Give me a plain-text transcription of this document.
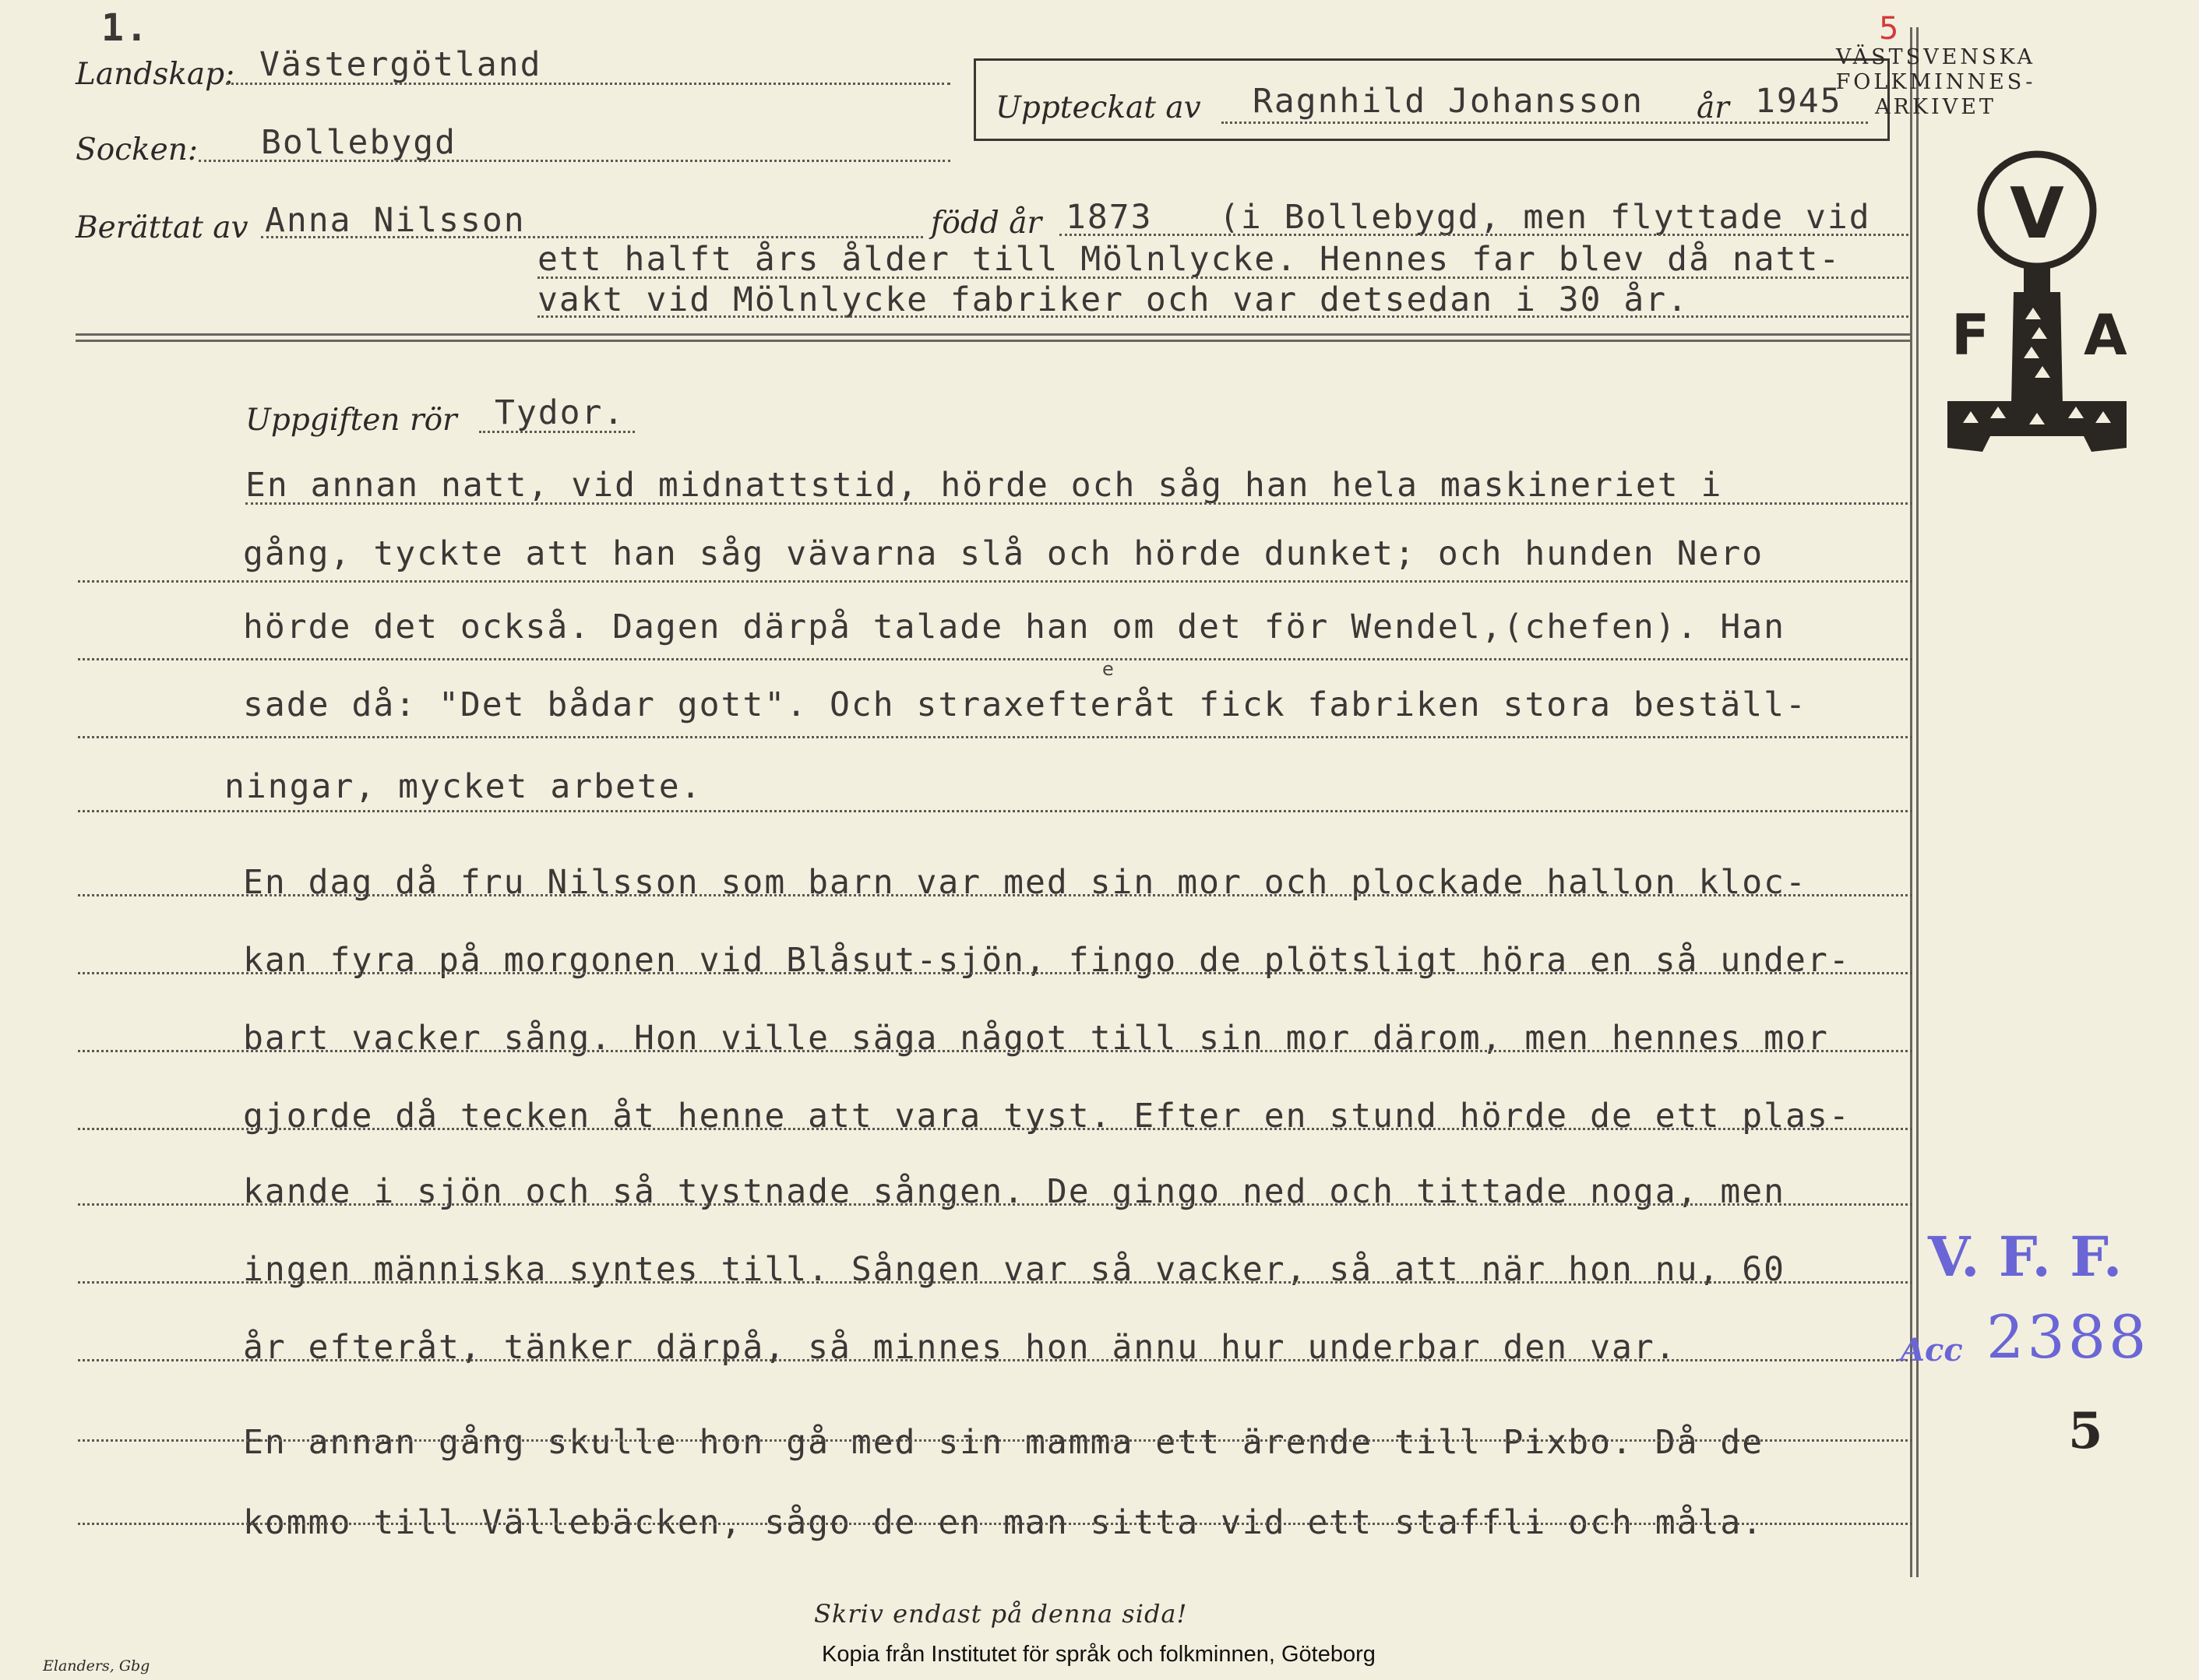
1.
Landskap: Västergötland
Socken: Bollebygd
Uppteckat av Ragnhild Johansson år 1945
5
Berättat av Anna Nilsson	född år 1873 (i Bollebygd, men flyttade vid
ett halft års ålder till Mölnlycke. Hennes far blev då natt-
vakt vid Mölnlycke fabriker och var detsedan i 30 år.
VÄSTSVENSKA
FOLKMINNES-
ARKIVET
V
F A
Uppgiften rör Tydor.
En annan natt, vid midnattstid, hörde och såg han hela maskineriet i
gång, tyckte att han såg vävarna slå och hörde dunket; och hunden Nero
hörde det också. Dagen därpå talade han om det för Wendel,(chefen). Han
sade då: "Det bådar gott". Och straxefteråt fick fabriken stora beställ-
e
ningar, mycket arbete.
En dag då fru Nilsson som barn var med sin mor och plockade hallon kloc-
kan fyra på morgonen vid Blåsut-sjön, fingo de plötsligt höra en så under-
bart vacker sång. Hon ville säga något till sin mor därom, men hennes mor
gjorde då tecken åt henne att vara tyst. Efter en stund hörde de ett plas-
kande i sjön och så tystnade sången. De gingo ned och tittade noga, men
ingen människa syntes till. Sången var så vacker, så att när hon nu, 60
år efteråt, tänker därpå, så minnes hon ännu hur underbar den var.
En annan gång skulle hon gå med sin mamma ett ärende till Pixbo. Då de
kommo till Vällebäcken, sågo de en man sitta vid ett staffli och måla.
V. F. F.
Acc 2388
5
Skriv endast på denna sida!
Elanders, Gbg	Kopia från Institutet för språk och folkminnen, Göteborg
